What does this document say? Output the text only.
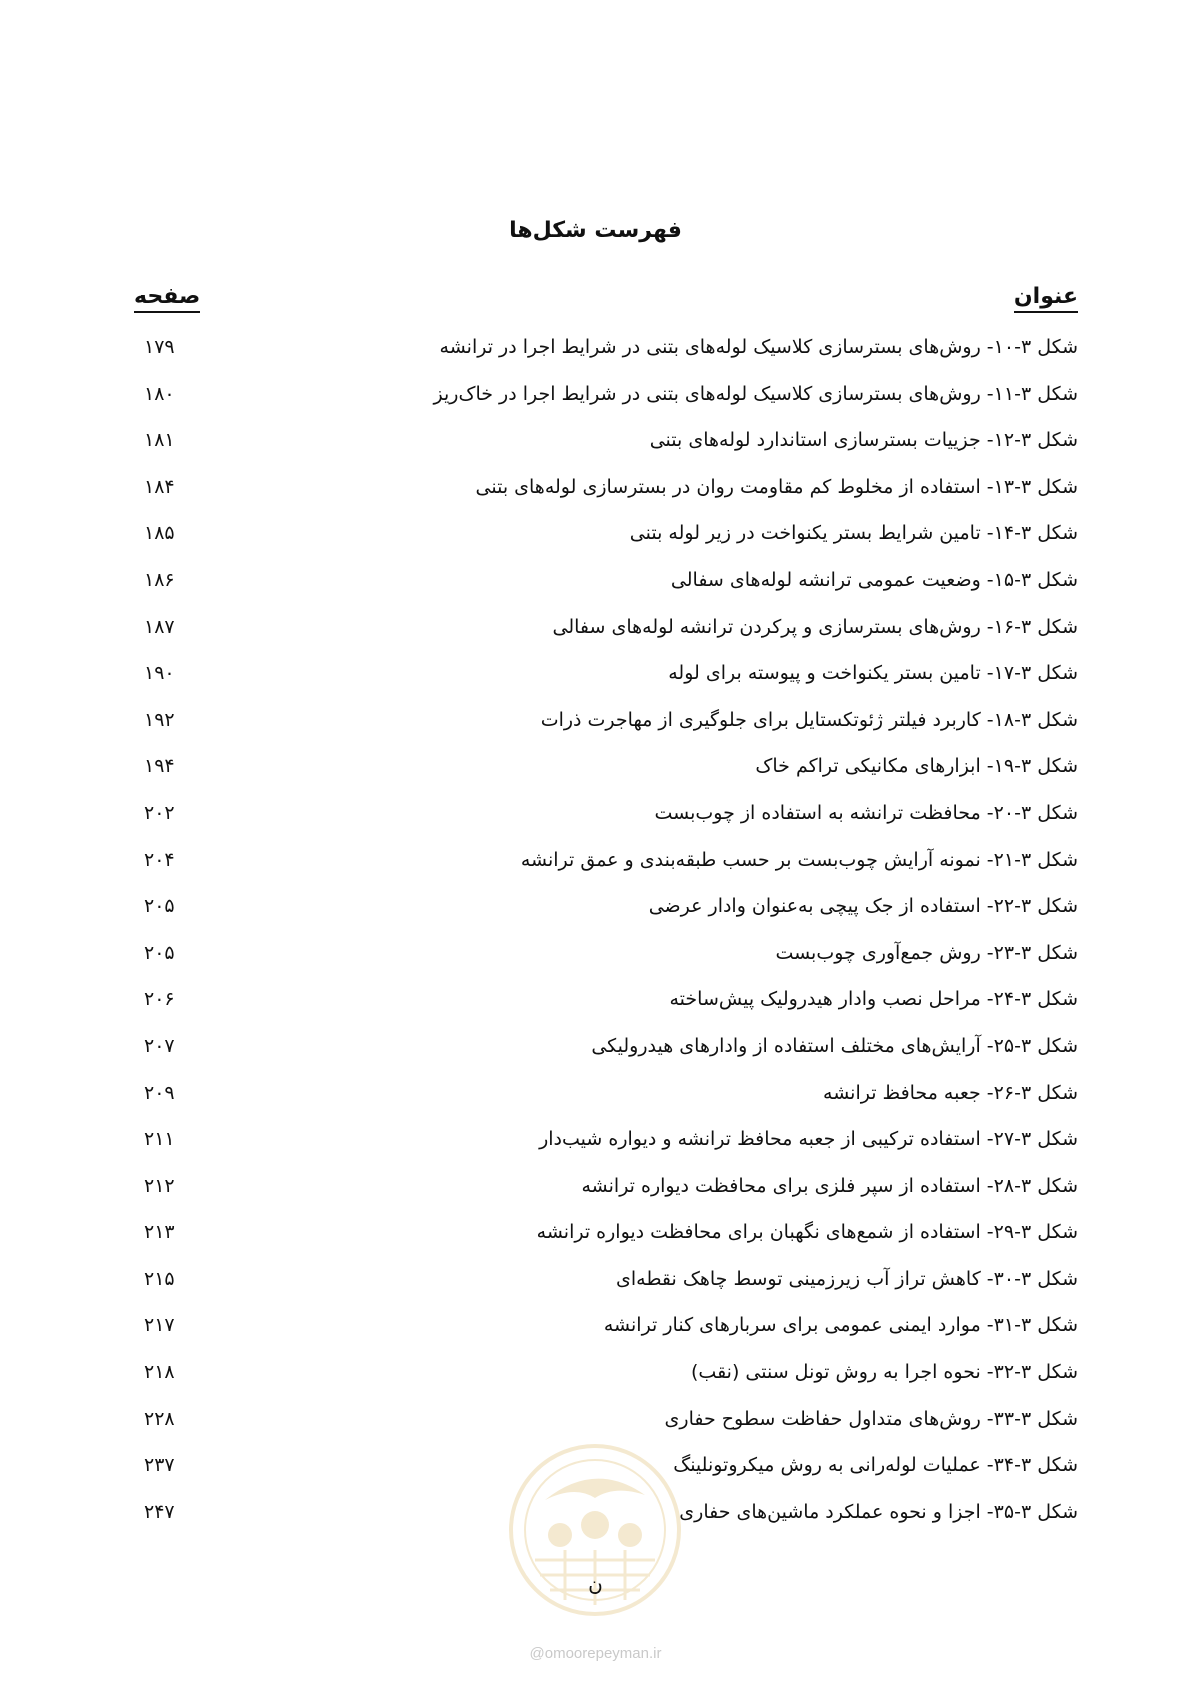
فهرست شکل‌ها
عنوان
صفحه
شکل ۳-۱۰- روش‌های بسترسازی کلاسیک لوله‌های بتنی در شرایط اجرا در ترانشه
۱۷۹
شکل ۳-۱۱- روش‌های بسترسازی کلاسیک لوله‌های بتنی در شرایط اجرا در خاک‌ریز
۱۸۰
شکل ۳-۱۲- جزییات بسترسازی استاندارد لوله‌های بتنی
۱۸۱
شکل ۳-۱۳- استفاده از مخلوط کم مقاومت روان در بسترسازی لوله‌های بتنی
۱۸۴
شکل ۳-۱۴- تامین شرایط بستر یکنواخت در زیر لوله بتنی
۱۸۵
شکل ۳-۱۵- وضعیت عمومی ترانشه لوله‌های سفالی
۱۸۶
شکل ۳-۱۶- روش‌های بسترسازی و پرکردن ترانشه لوله‌های سفالی
۱۸۷
شکل ۳-۱۷- تامین بستر یکنواخت و پیوسته برای لوله
۱۹۰
شکل ۳-۱۸- کاربرد فیلتر ژئوتکستایل برای جلوگیری از مهاجرت ذرات
۱۹۲
شکل ۳-۱۹- ابزارهای مکانیکی تراکم خاک
۱۹۴
شکل ۳-۲۰- محافظت ترانشه به استفاده از چوب‌بست
۲۰۲
شکل ۳-۲۱- نمونه آرایش چوب‌بست بر حسب طبقه‌بندی و عمق ترانشه
۲۰۴
شکل ۳-۲۲- استفاده از جک پیچی به‌عنوان وادار عرضی
۲۰۵
شکل ۳-۲۳- روش جمع‌آوری چوب‌بست
۲۰۵
شکل ۳-۲۴- مراحل نصب وادار هیدرولیک پیش‌ساخته
۲۰۶
شکل ۳-۲۵- آرایش‌های مختلف استفاده از وادارهای هیدرولیکی
۲۰۷
شکل ۳-۲۶- جعبه محافظ ترانشه
۲۰۹
شکل ۳-۲۷- استفاده ترکیبی از جعبه محافظ ترانشه و دیواره شیب‌دار
۲۱۱
شکل ۳-۲۸- استفاده از سپر فلزی برای محافظت دیواره ترانشه
۲۱۲
شکل ۳-۲۹- استفاده از شمع‌های نگهبان برای محافظت دیواره ترانشه
۲۱۳
شکل ۳-۳۰- کاهش تراز آب زیرزمینی توسط چاهک نقطه‌ای
۲۱۵
شکل ۳-۳۱- موارد ایمنی عمومی برای سربارهای کنار ترانشه
۲۱۷
شکل ۳-۳۲- نحوه اجرا به روش تونل سنتی (نقب)
۲۱۸
شکل ۳-۳۳- روش‌های متداول حفاظت سطوح حفاری
۲۲۸
شکل ۳-۳۴- عملیات لوله‌رانی به روش میکروتونلینگ
۲۳۷
شکل ۳-۳۵- اجزا و نحوه عملکرد ماشین‌های حفاری
۲۴۷
ن
@omoorepeyman.ir
